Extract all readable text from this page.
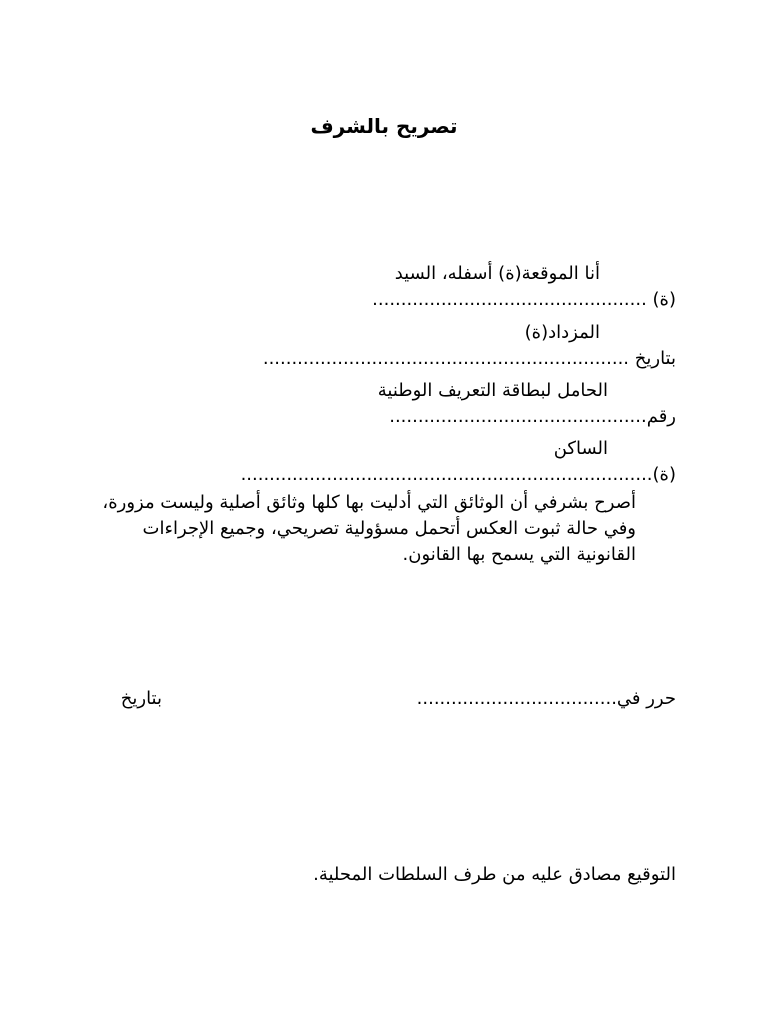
تصريح بالشرف
أنا الموقعة(ة) أسفله، السيد
(ة) ................................................
المزداد(ة)
بتاريخ ................................................................
الحامل لبطاقة التعريف الوطنية
رقم.............................................
الساكن
(ة)........................................................................
أصرح بشرفي أن الوثائق التي أدليت بها كلها وثائق أصلية وليست مزورة، وفي حالة ثبوت العكس أتحمل مسؤولية تصريحي، وجميع الإجراءات القانونية التي يسمح بها القانون.
حرر في...................................
بتاريخ
التوقيع مصادق عليه من طرف السلطات المحلية.
